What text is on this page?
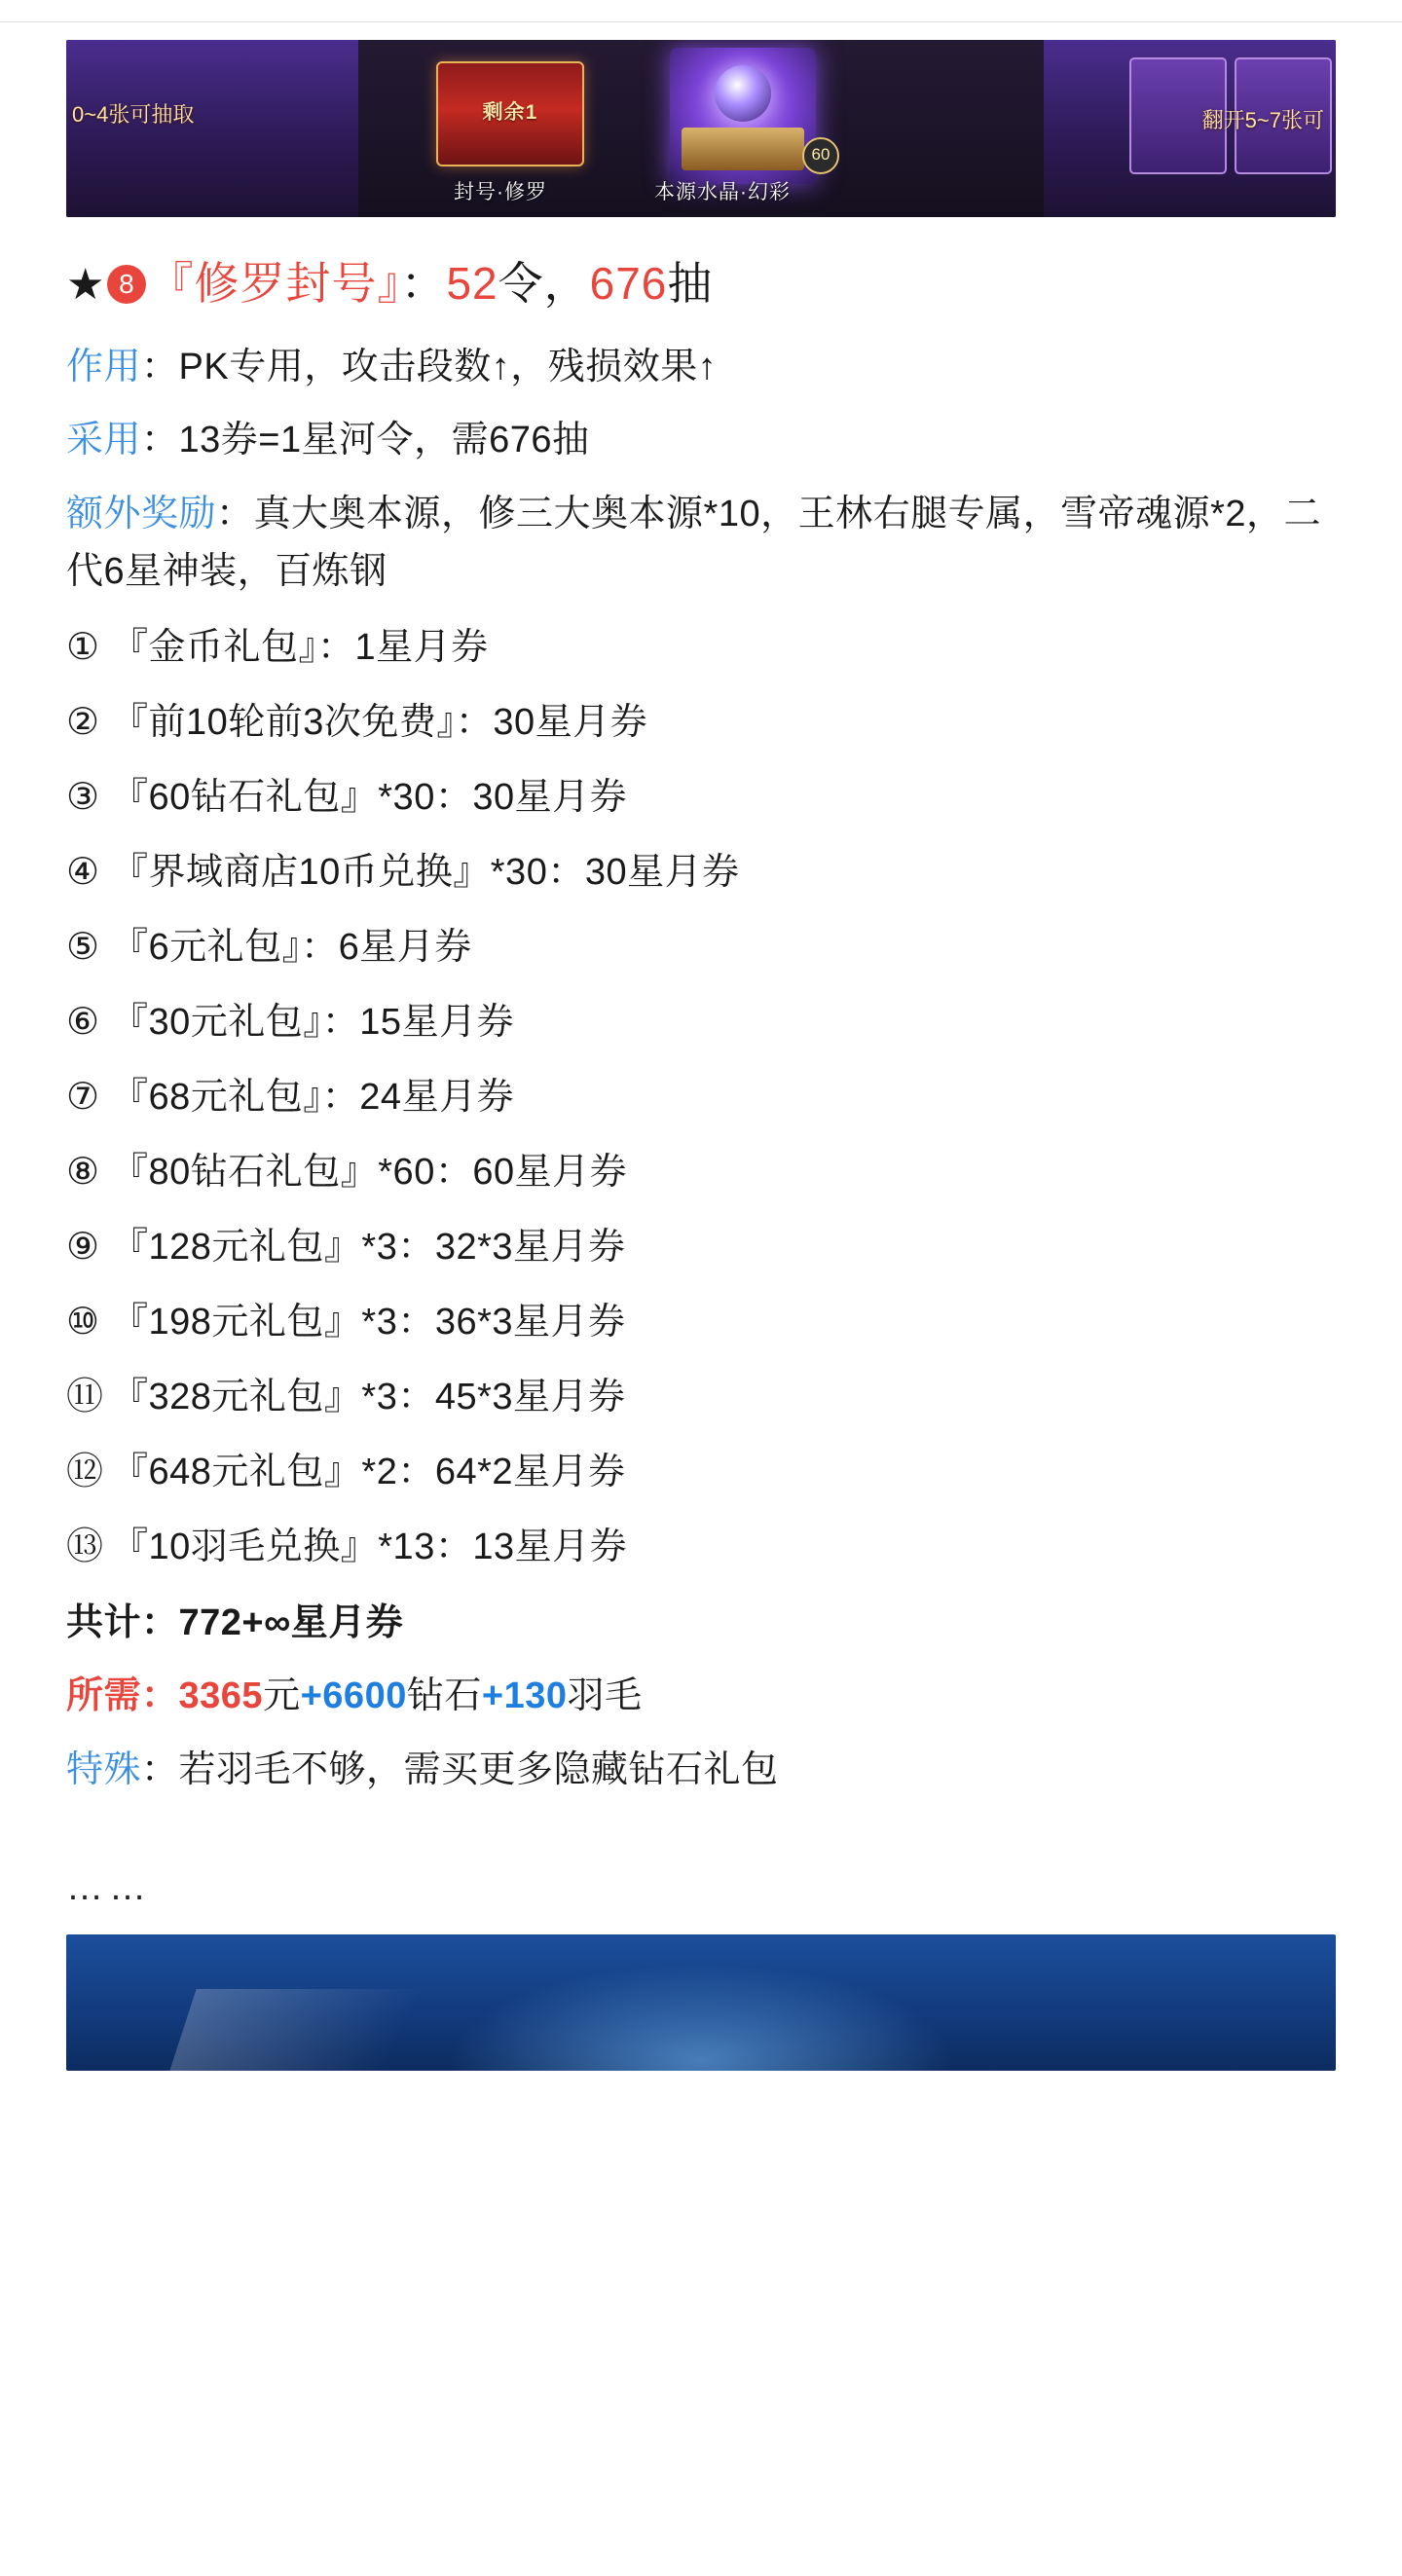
0~4张可抽取	剩余1
60
封号·修罗	本源水晶·幻彩
翻开5~7张可
★ 8 『修罗封号』：52令，676抽
作用：PK专用，攻击段数↑，残损效果↑
采用：13券=1星河令，需676抽
额外奖励：真大奥本源，修三大奥本源*10，王林右腿专属，雪帝魂源*2，二代6星神装，百炼钢
① 『金币礼包』：1星月券
② 『前10轮前3次免费』：30星月券
③ 『60钻石礼包』*30：30星月券
④ 『界域商店10币兑换』*30：30星月券
⑤ 『6元礼包』：6星月券
⑥ 『30元礼包』：15星月券
⑦ 『68元礼包』：24星月券
⑧ 『80钻石礼包』*60：60星月券
⑨ 『128元礼包』*3：32*3星月券
⑩ 『198元礼包』*3：36*3星月券
⑪ 『328元礼包』*3：45*3星月券
⑫ 『648元礼包』*2：64*2星月券
⑬ 『10羽毛兑换』*13：13星月券
共计：772+∞星月券
所需：3365元+6600钻石+130羽毛
特殊：若羽毛不够，需买更多隐藏钻石礼包
……
